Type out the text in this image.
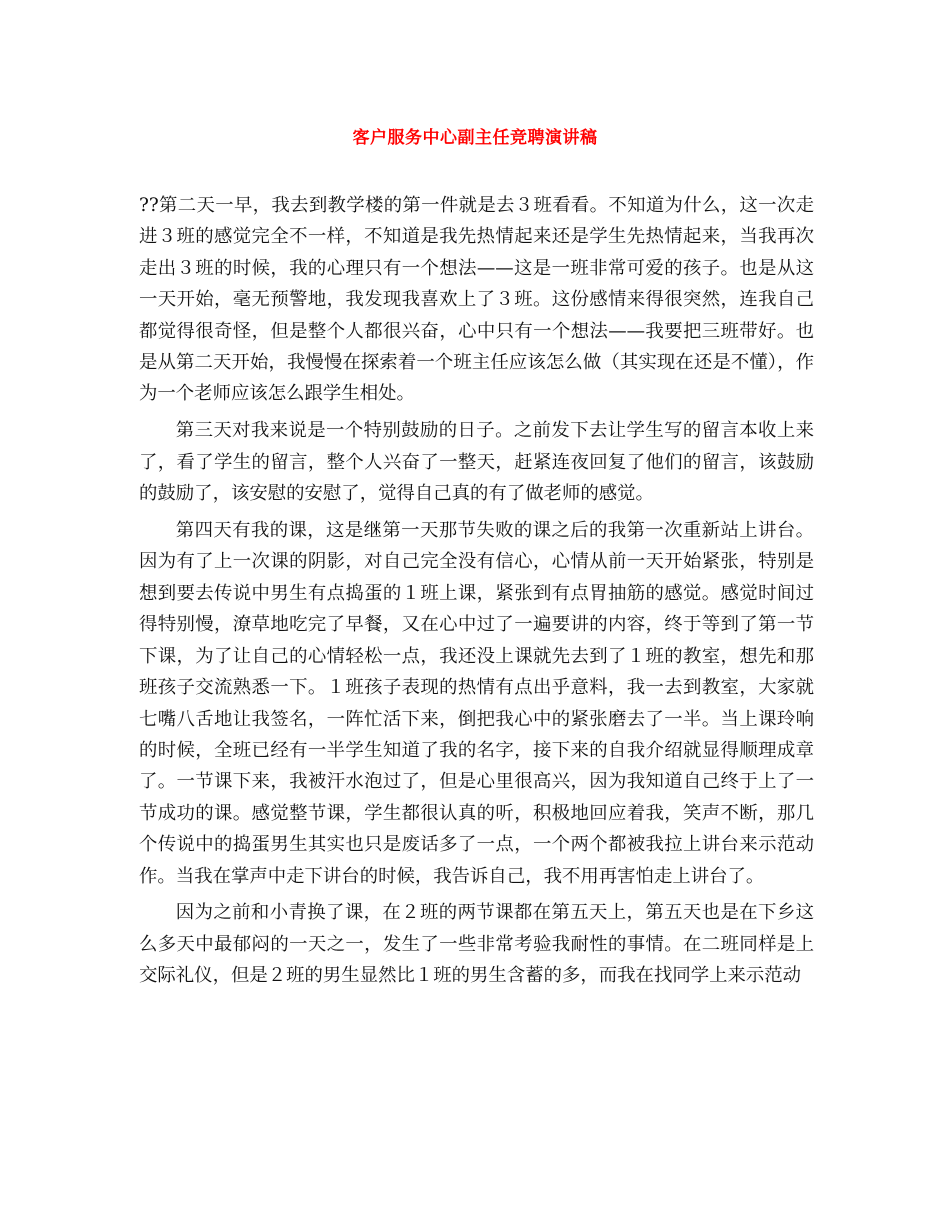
客户服务中心副主任竞聘演讲稿

??第二天一早，我去到教学楼的第一件就是去３班看看。不知道为什么，这一次走进３班的感觉完全不一样，不知道是我先热情起来还是学生先热情起来，当我再次走出３班的时候，我的心理只有一个想法——这是一班非常可爱的孩子。也是从这一天开始，毫无预警地，我发现我喜欢上了３班。这份感情来得很突然，连我自己都觉得很奇怪，但是整个人都很兴奋，心中只有一个想法——我要把三班带好。也是从第二天开始，我慢慢在探索着一个班主任应该怎么做（其实现在还是不懂），作为一个老师应该怎么跟学生相处。

第三天对我来说是一个特别鼓励的日子。之前发下去让学生写的留言本收上来了，看了学生的留言，整个人兴奋了一整天，赶紧连夜回复了他们的留言，该鼓励的鼓励了，该安慰的安慰了，觉得自己真的有了做老师的感觉。

第四天有我的课，这是继第一天那节失败的课之后的我第一次重新站上讲台。因为有了上一次课的阴影，对自己完全没有信心，心情从前一天开始紧张，特别是想到要去传说中男生有点捣蛋的１班上课，紧张到有点胃抽筋的感觉。感觉时间过得特别慢，潦草地吃完了早餐，又在心中过了一遍要讲的内容，终于等到了第一节下课，为了让自己的心情轻松一点，我还没上课就先去到了１班的教室，想先和那班孩子交流熟悉一下。１班孩子表现的热情有点出乎意料，我一去到教室，大家就七嘴八舌地让我签名，一阵忙活下来，倒把我心中的紧张磨去了一半。当上课玲响的时候，全班已经有一半学生知道了我的名字，接下来的自我介绍就显得顺理成章了。一节课下来，我被汗水泡过了，但是心里很高兴，因为我知道自己终于上了一节成功的课。感觉整节课，学生都很认真的听，积极地回应着我，笑声不断，那几个传说中的捣蛋男生其实也只是废话多了一点，一个两个都被我拉上讲台来示范动作。当我在掌声中走下讲台的时候，我告诉自己，我不用再害怕走上讲台了。

因为之前和小青换了课，在２班的两节课都在第五天上，第五天也是在下乡这么多天中最郁闷的一天之一，发生了一些非常考验我耐性的事情。在二班同样是上交际礼仪，但是２班的男生显然比１班的男生含蓄的多，而我在找同学上来示范动
